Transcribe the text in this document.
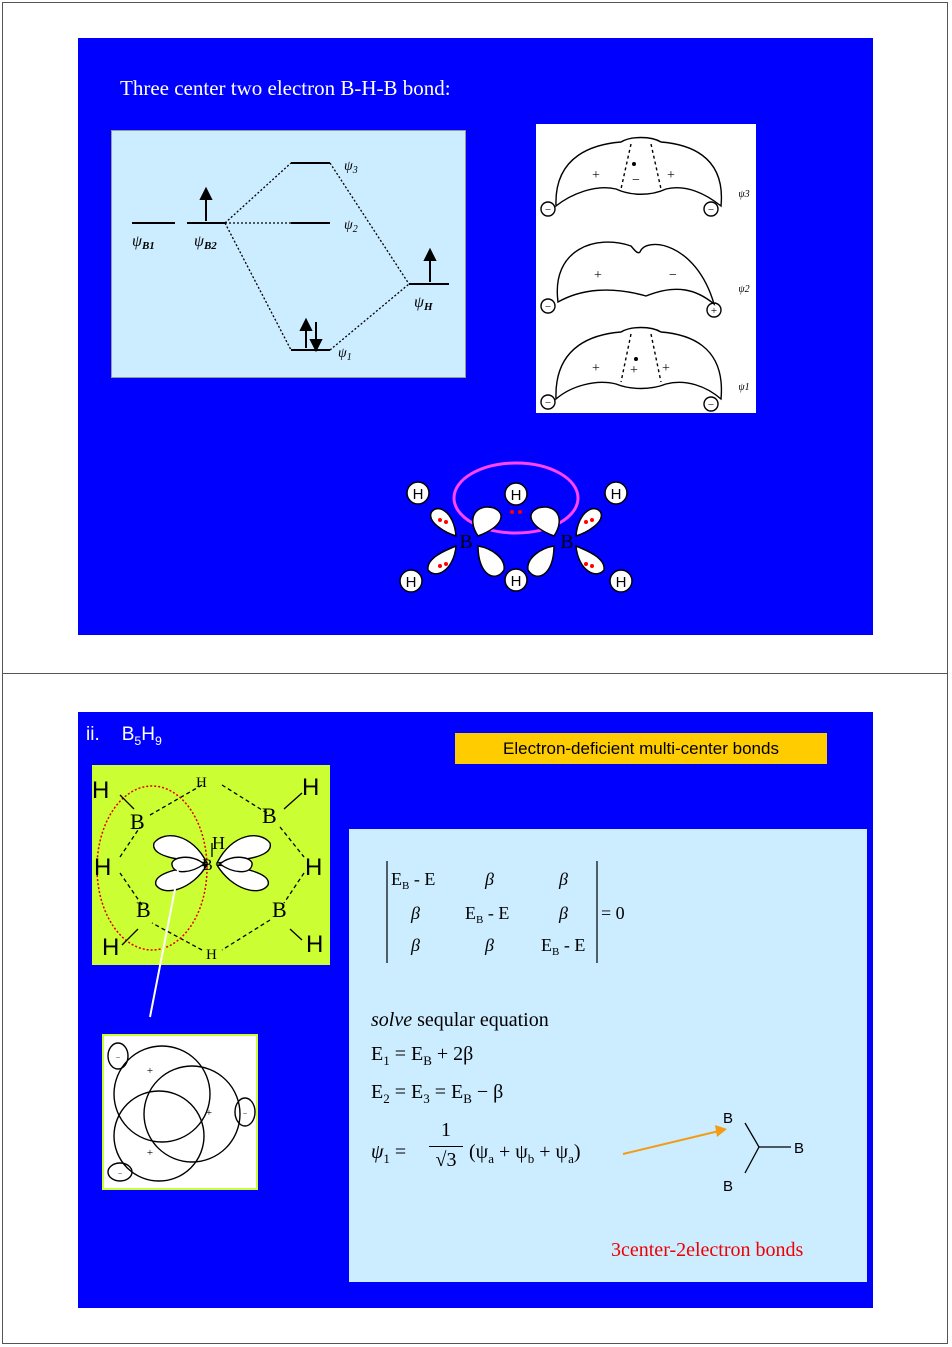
Three center two electron B-H-B bond:
ψB1 ψB2
$\psi_3$
$\psi_2$
$\psi_1$
ψH
+ − +
−	−
+	−
−	+
+ + +
−	−
ψ3
ψ2
ψ1
H	H	H
H	H	H
B	B
ii. $B_5H_9$	Electron-deficient multi-center bonds
H	H
H	H
H	H
B	B
B	B
B
H
H
H
+
+
+
−
−
−
$E_B$ - E	β	β
β	$E_B$ - E	β
β	β	$E_B$ - E
= 0
solve seqular equation
$E_1 = E_B + 2\beta$
$E_2 = E_3 = E_B - \beta$
$\psi_1$ =
1
√3 $(\psi_a + \psi_b + \psi_a)$
B
B
B
3center-2electron bonds
